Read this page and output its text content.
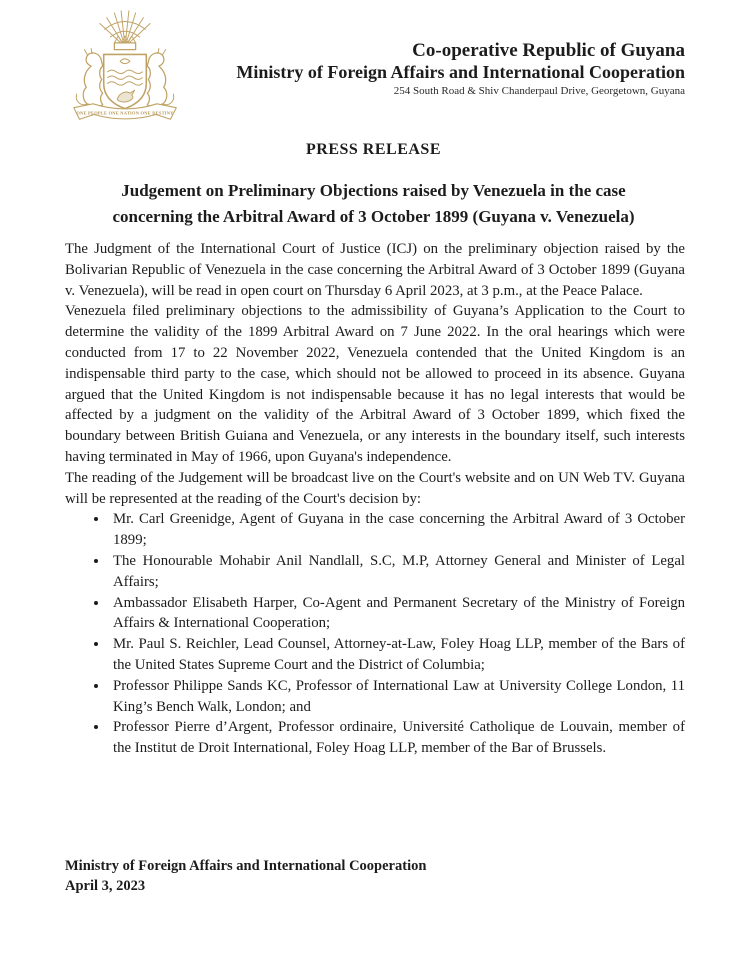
ONE PEOPLE ONE NATION ONE DESTINY
Co-operative Republic of Guyana
Ministry of Foreign Affairs and International Cooperation
254 South Road & Shiv Chanderpaul Drive, Georgetown, Guyana
PRESS RELEASE
Judgement on Preliminary Objections raised by Venezuela in the case
concerning the Arbitral Award of 3 October 1899 (Guyana v. Venezuela)

The Judgment of the International Court of Justice (ICJ) on the preliminary objection raised by the Bolivarian Republic of Venezuela in the case concerning the Arbitral Award of 3 October 1899 (Guyana v. Venezuela), will be read in open court on Thursday 6 April 2023, at 3 p.m., at the Peace Palace.

Venezuela filed preliminary objections to the admissibility of Guyana’s Application to the Court to determine the validity of the 1899 Arbitral Award on 7 June 2022. In the oral hearings which were conducted from 17 to 22 November 2022, Venezuela contended that the United Kingdom is an indispensable third party to the case, which should not be allowed to proceed in its absence. Guyana argued that the United Kingdom is not indispensable because it has no legal interests that would be affected by a judgment on the validity of the Arbitral Award of 3 October 1899, which fixed the boundary between British Guiana and Venezuela, or any interests in the boundary itself, such interests having terminated in May of 1966, upon Guyana's independence.

The reading of the Judgement will be broadcast live on the Court's website and on UN Web TV. Guyana will be represented at the reading of the Court's decision by:

• Mr. Carl Greenidge, Agent of Guyana in the case concerning the Arbitral Award of 3 October 1899;
• The Honourable Mohabir Anil Nandlall, S.C, M.P, Attorney General and Minister of Legal Affairs;
• Ambassador Elisabeth Harper, Co-Agent and Permanent Secretary of the Ministry of Foreign Affairs & International Cooperation;
• Mr. Paul S. Reichler, Lead Counsel, Attorney-at-Law, Foley Hoag LLP, member of the Bars of the United States Supreme Court and the District of Columbia;
• Professor Philippe Sands KC, Professor of International Law at University College London, 11 King’s Bench Walk, London; and
• Professor Pierre d’Argent, Professor ordinaire, Université Catholique de Louvain, member of the Institut de Droit International, Foley Hoag LLP, member of the Bar of Brussels.
Ministry of Foreign Affairs and International Cooperation
April 3, 2023
